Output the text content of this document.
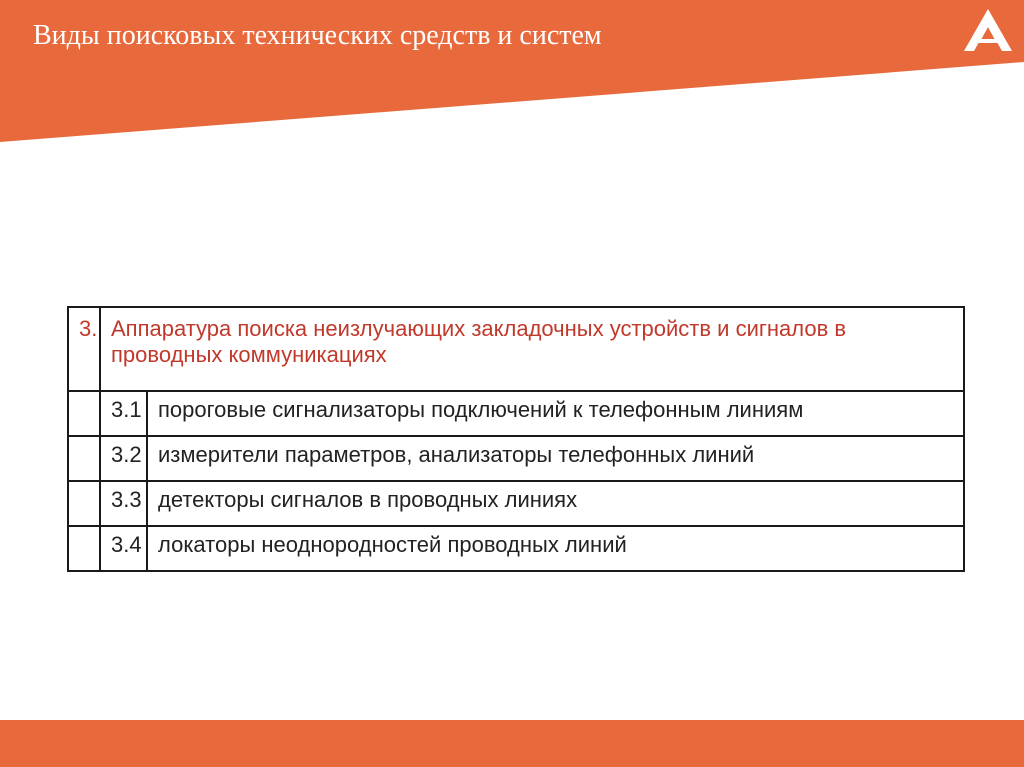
Виды поисковых технических средств и систем
3.	Аппаратура поиска неизлучающих закладочных устройств и сигналов в проводных коммуникациях	
	3.1	пороговые сигнализаторы подключений к телефонным линиям
	3.2	измерители параметров, анализаторы телефонных линий
	3.3	детекторы сигналов в проводных линиях
	3.4	локаторы неоднородностей проводных линий
